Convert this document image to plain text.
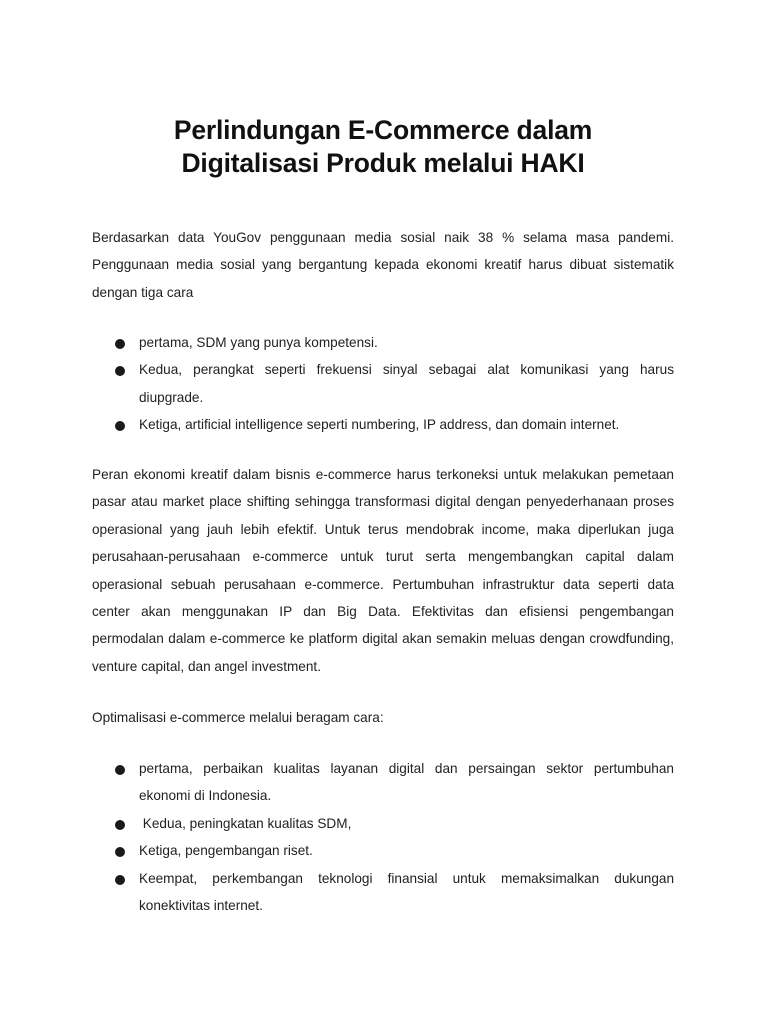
Perlindungan E-Commerce dalam
Digitalisasi Produk melalui HAKI

Berdasarkan data YouGov penggunaan media sosial naik 38 % selama masa pandemi. Penggunaan media sosial yang bergantung kepada ekonomi kreatif harus dibuat sistematik dengan tiga cara

pertama, SDM yang punya kompetensi.
Kedua, perangkat seperti frekuensi sinyal sebagai alat komunikasi yang harus diupgrade.
Ketiga, artificial intelligence seperti numbering, IP address, dan domain internet.

Peran ekonomi kreatif dalam bisnis e-commerce harus terkoneksi untuk melakukan pemetaan pasar atau market place shifting sehingga transformasi digital dengan penyederhanaan proses operasional yang jauh lebih efektif. Untuk terus mendobrak income, maka diperlukan juga perusahaan-perusahaan e-commerce untuk turut serta mengembangkan capital dalam operasional sebuah perusahaan e-commerce. Pertumbuhan infrastruktur data seperti data center akan menggunakan IP dan Big Data. Efektivitas dan efisiensi pengembangan permodalan dalam e-commerce ke platform digital akan semakin meluas dengan crowdfunding, venture capital, dan angel investment.

Optimalisasi e-commerce melalui beragam cara:

pertama, perbaikan kualitas layanan digital dan persaingan sektor pertumbuhan ekonomi di Indonesia.
Kedua, peningkatan kualitas SDM,
Ketiga, pengembangan riset.
Keempat, perkembangan teknologi finansial untuk memaksimalkan dukungan konektivitas internet.
